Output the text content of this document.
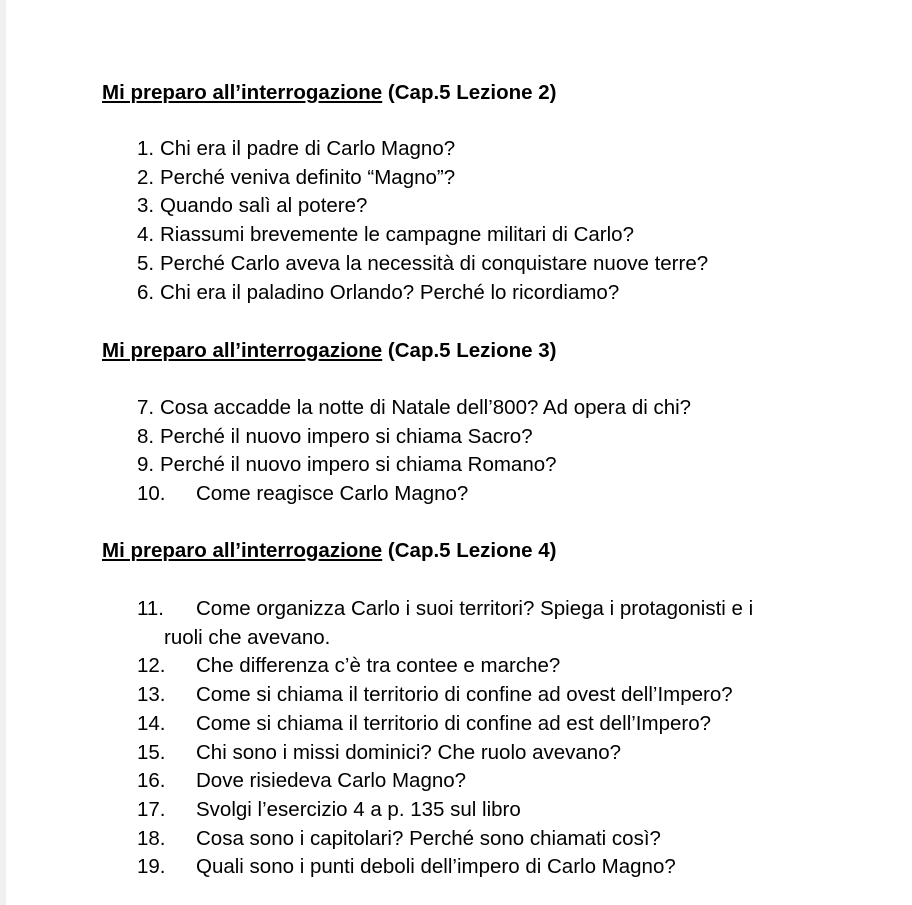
Mi preparo all’interrogazione (Cap.5 Lezione 2)
1. Chi era il padre di Carlo Magno?
2. Perché veniva definito “Magno”?
3. Quando salì al potere?
4. Riassumi brevemente le campagne militari di Carlo?
5. Perché Carlo aveva la necessità di conquistare nuove terre?
6. Chi era il paladino Orlando? Perché lo ricordiamo?
Mi preparo all’interrogazione (Cap.5 Lezione 3)
7. Cosa accadde la notte di Natale dell’800? Ad opera di chi?
8. Perché il nuovo impero si chiama Sacro?
9. Perché il nuovo impero si chiama Romano?
10.	Come reagisce Carlo Magno?
Mi preparo all’interrogazione (Cap.5 Lezione 4)
11.	Come organizza Carlo i suoi territori? Spiega i protagonisti e i
ruoli che avevano.
12.	Che differenza c’è tra contee e marche?
13.	Come si chiama il territorio di confine ad ovest dell’Impero?
14.	Come si chiama il territorio di confine ad est dell’Impero?
15.	Chi sono i missi dominici? Che ruolo avevano?
16.	Dove risiedeva Carlo Magno?
17.	Svolgi l’esercizio 4 a p. 135 sul libro
18.	Cosa sono i capitolari? Perché sono chiamati così?
19.	Quali sono i punti deboli dell’impero di Carlo Magno?
